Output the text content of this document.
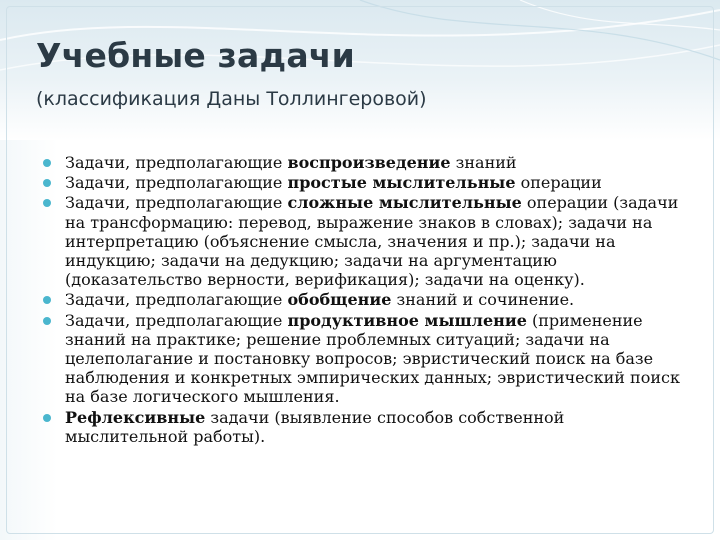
Учебные задачи
(классификация Даны Толлингеровой)
Задачи, предполагающие воспроизведение знаний
Задачи, предполагающие простые мыслительные операции
Задачи, предполагающие сложные мыслительные операции (задачи на трансформацию: перевод, выражение знаков в словах); задачи на интерпретацию (объяснение смысла, значения и пр.); задачи на индукцию; задачи на дедукцию; задачи на аргументацию (доказательство верности, верификация); задачи на оценку).
Задачи, предполагающие обобщение знаний и сочинение.
Задачи, предполагающие продуктивное мышление (применение знаний на практике; решение проблемных ситуаций; задачи на целеполагание и постановку вопросов; эвристический поиск на базе наблюдения и конкретных эмпирических данных; эвристический поиск на базе логического мышления.
Рефлексивные задачи (выявление способов собственной мыслительной работы).
